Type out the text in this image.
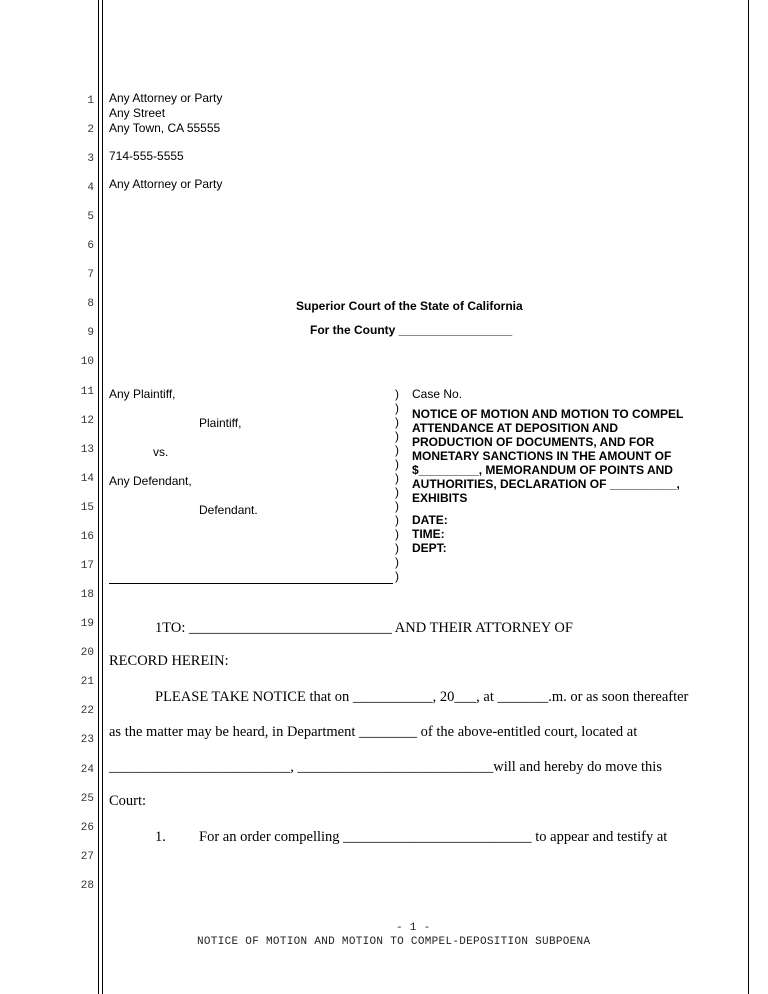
1
2
3
4
5
6
7
8
9
10
11
12
13
14
15
16
17
18
19
20
21
22
23
24
25
26
27
28
Any Attorney or Party
Any Street
Any Town, CA 55555
714-555-5555
Any Attorney or Party
Superior Court of the State of California
For the County _________________
Any Plaintiff,
Plaintiff,
vs.
Any Defendant,
Defendant.
)
)
)
)
)
)
)
)
)
)
)
)
)
)
Case No.
NOTICE OF MOTION AND MOTION TO COMPEL
ATTENDANCE AT DEPOSITION AND
PRODUCTION OF DOCUMENTS, AND FOR
MONETARY SANCTIONS IN THE AMOUNT OF
$_________, MEMORANDUM OF POINTS AND
AUTHORITIES, DECLARATION OF __________,
EXHIBITS
DATE:
TIME:
DEPT:
1TO: ____________________________ AND THEIR ATTORNEY OF
RECORD HEREIN:
PLEASE TAKE NOTICE that on ___________, 20___, at _______.m. or as soon thereafter
as the matter may be heard, in Department ________ of the above-entitled court, located at
_________________________, ___________________________will and hereby do move this
Court:
1. For an order compelling __________________________ to appear and testify at
- 1 -
NOTICE OF MOTION AND MOTION TO COMPEL-DEPOSITION SUBPOENA
